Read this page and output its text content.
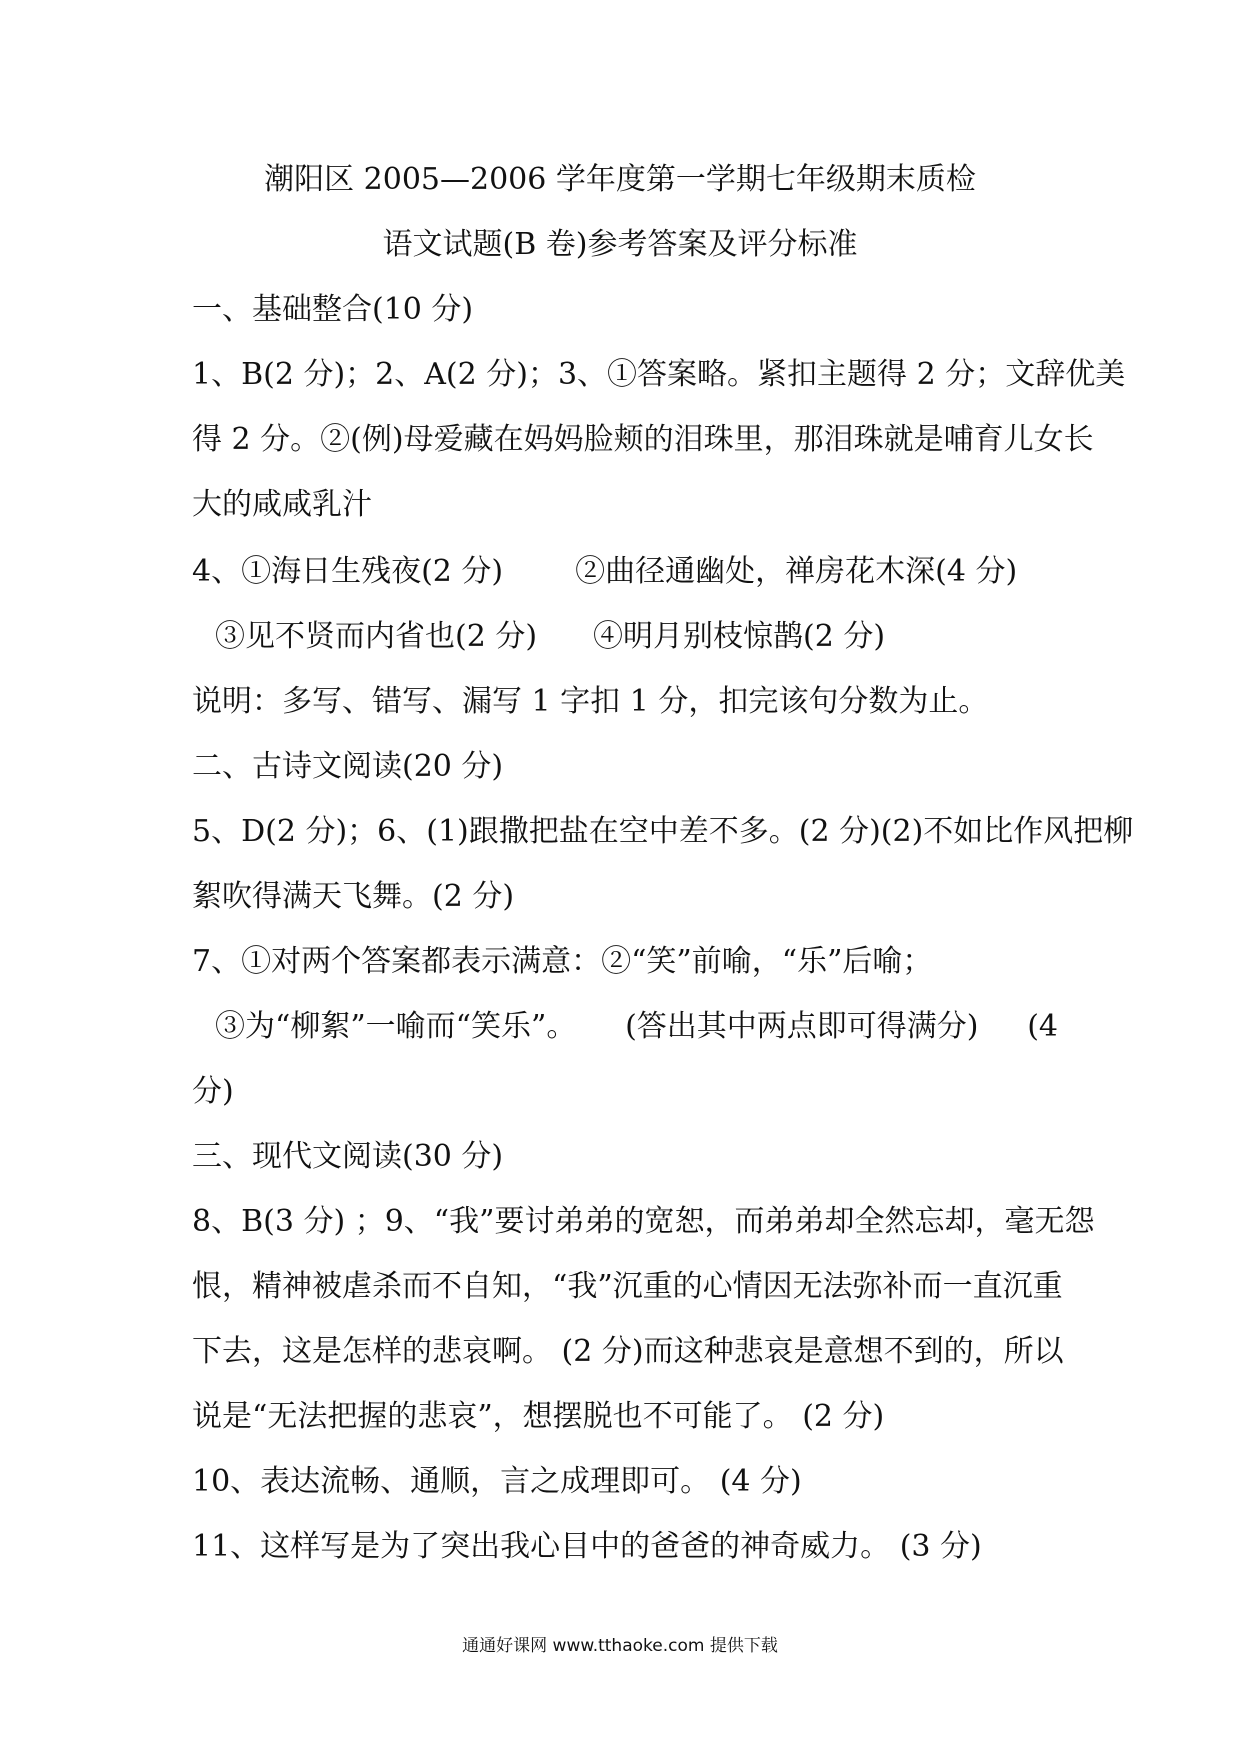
潮阳区 2005—2006 学年度第一学期七年级期末质检
语文试题(B 卷)参考答案及评分标准
一、基础整合(10 分)
1、B(2 分)；2、A(2 分)；3、①答案略。紧扣主题得 2 分；文辞优美
得 2 分。②(例)母爱藏在妈妈脸颊的泪珠里，那泪珠就是哺育儿女长
大的咸咸乳汁
4、①海日生残夜(2 分) ②曲径通幽处，禅房花木深(4 分)
③见不贤而内省也(2 分) ④明月别枝惊鹊(2 分)
说明：多写、错写、漏写 1 字扣 1 分，扣完该句分数为止。
二、古诗文阅读(20 分)
5、D(2 分)；6、(1)跟撒把盐在空中差不多。(2 分)(2)不如比作风把柳
絮吹得满天飞舞。(2 分)
7、①对两个答案都表示满意：②“笑”前喻，“乐”后喻；
③为“柳絮”一喻而“笑乐”。 (答出其中两点即可得满分) (4
分)
三、现代文阅读(30 分)
8、B(3 分) ；9、“我”要讨弟弟的宽恕，而弟弟却全然忘却，毫无怨
恨，精神被虐杀而不自知，“我”沉重的心情因无法弥补而一直沉重
下去，这是怎样的悲哀啊。 (2 分)而这种悲哀是意想不到的，所以
说是“无法把握的悲哀”，想摆脱也不可能了。 (2 分)
10、表达流畅、通顺，言之成理即可。 (4 分)
11、这样写是为了突出我心目中的爸爸的神奇威力。 (3 分)
通通好课网 www.tthaoke.com 提供下载
